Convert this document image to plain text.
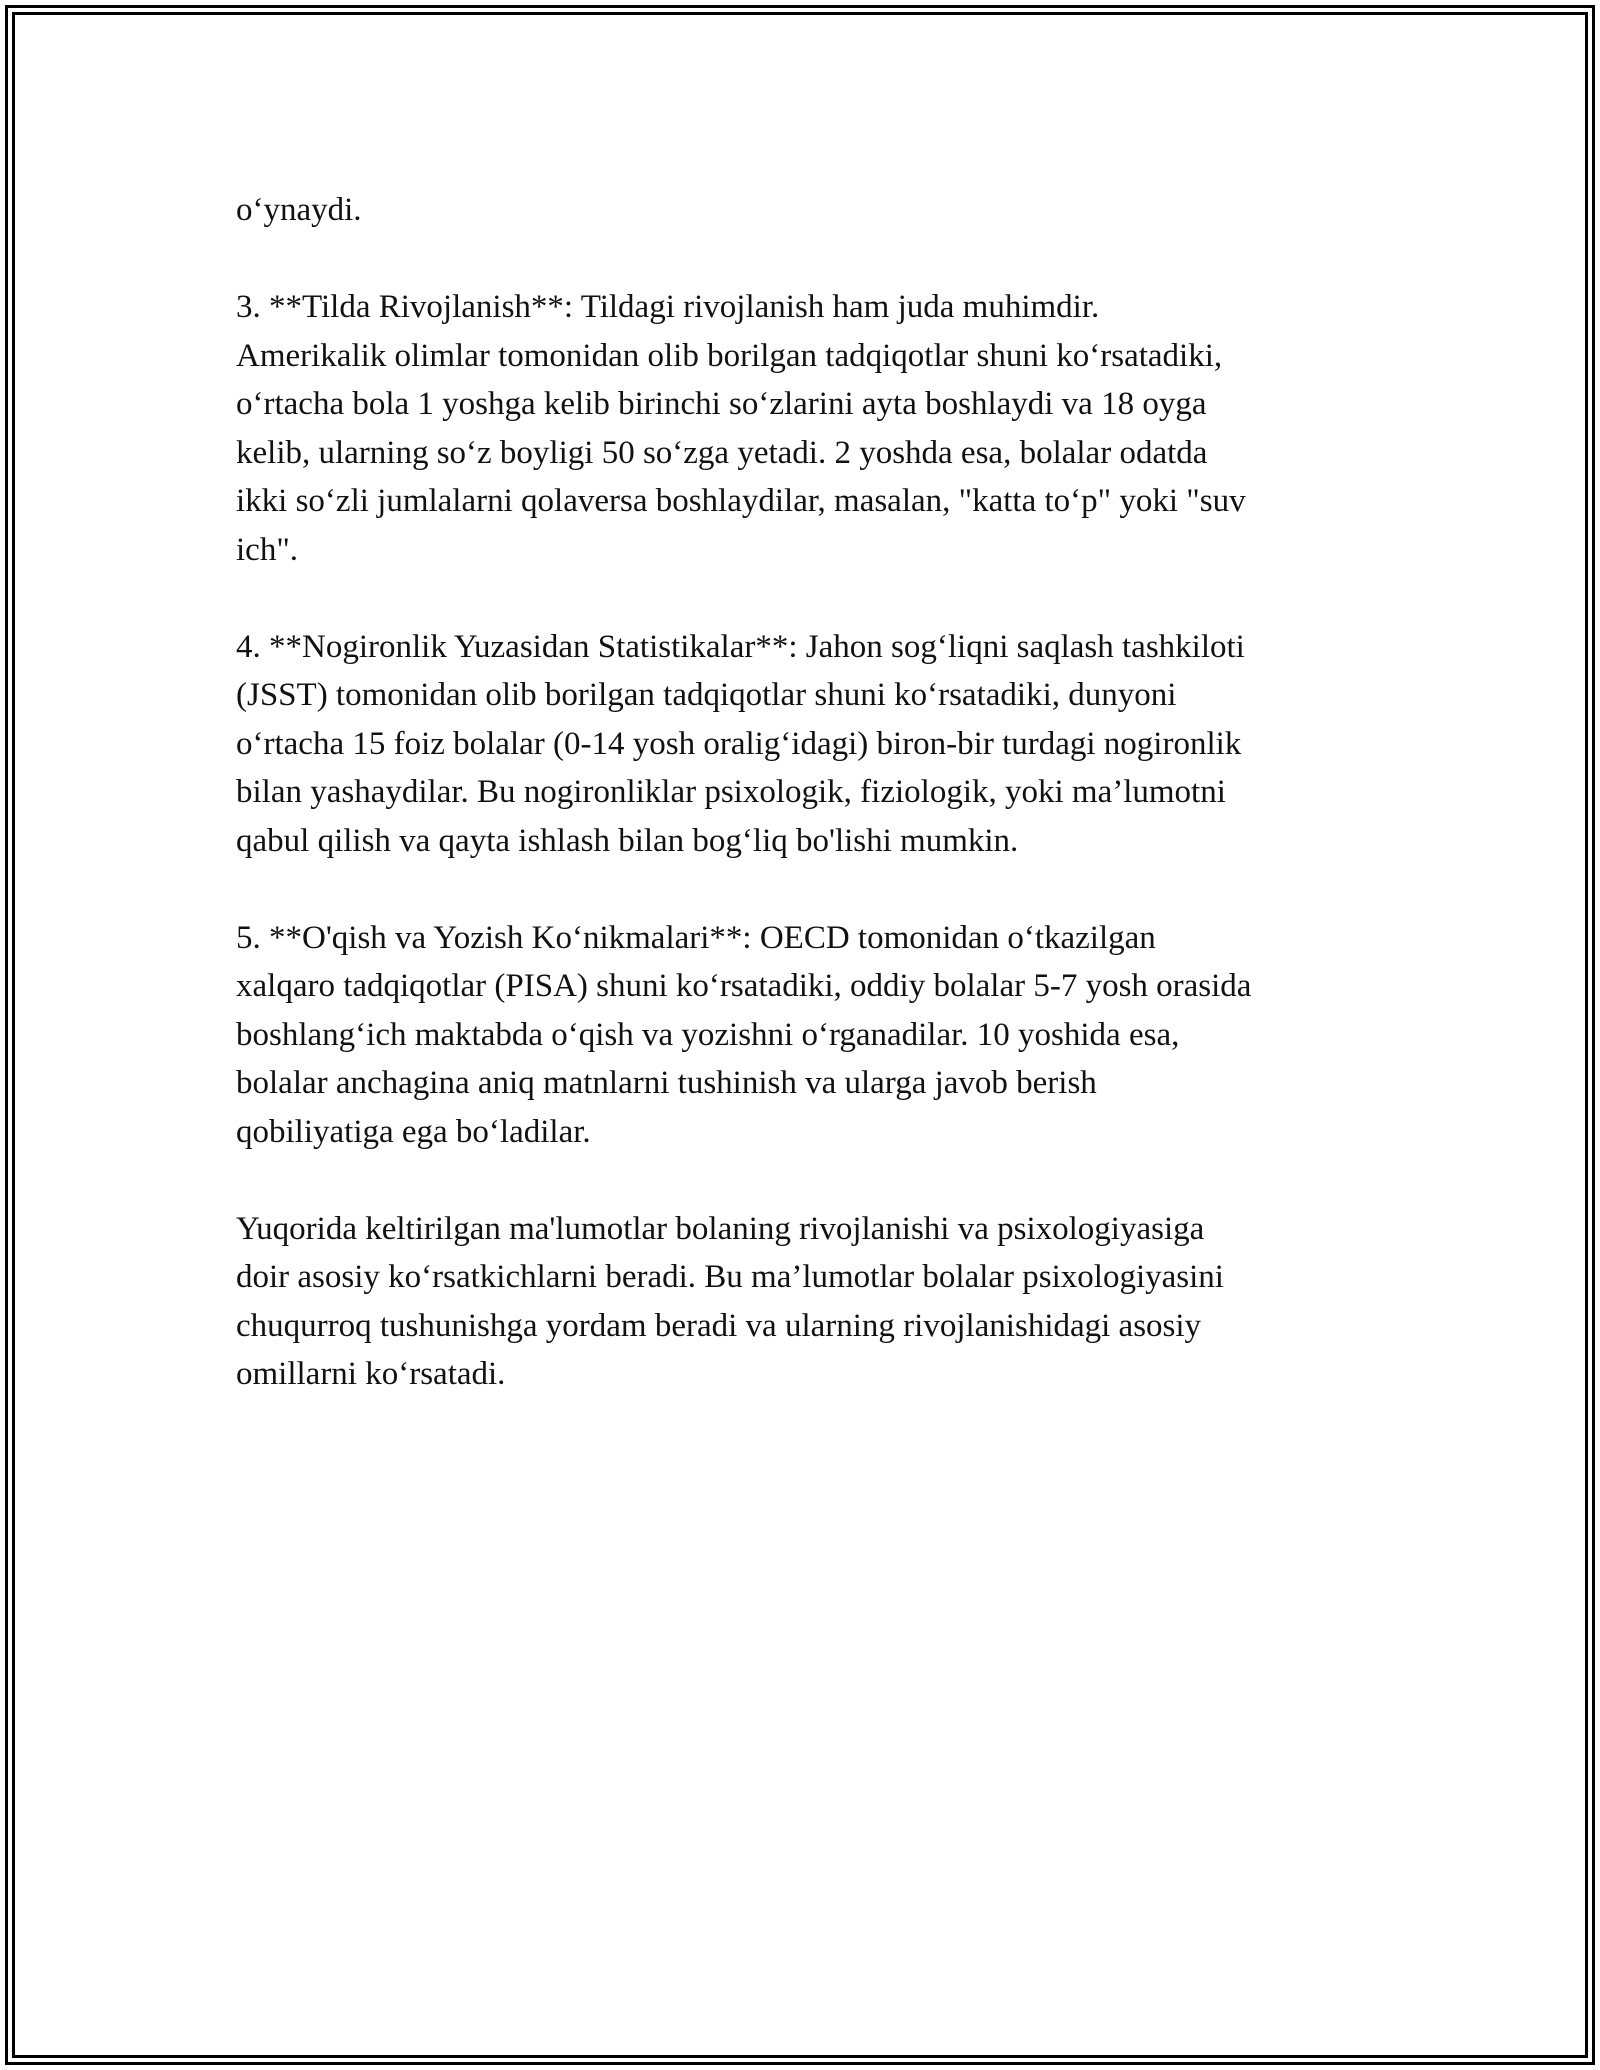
o‘ynaydi.

3. **Tilda Rivojlanish**: Tildagi rivojlanish ham juda muhimdir.
Amerikalik olimlar tomonidan olib borilgan tadqiqotlar shuni ko‘rsatadiki,
o‘rtacha bola 1 yoshga kelib birinchi so‘zlarini ayta boshlaydi va 18 oyga
kelib, ularning so‘z boyligi 50 so‘zga yetadi. 2 yoshda esa, bolalar odatda
ikki so‘zli jumlalarni qolaversa boshlaydilar, masalan, "katta to‘p" yoki "suv
ich".

4. **Nogironlik Yuzasidan Statistikalar**: Jahon sog‘liqni saqlash tashkiloti
(JSST) tomonidan olib borilgan tadqiqotlar shuni ko‘rsatadiki, dunyoni
o‘rtacha 15 foiz bolalar (0-14 yosh oralig‘idagi) biron-bir turdagi nogironlik
bilan yashaydilar. Bu nogironliklar psixologik, fiziologik, yoki ma’lumotni
qabul qilish va qayta ishlash bilan bog‘liq bo'lishi mumkin.

5. **O'qish va Yozish Ko‘nikmalari**: OECD tomonidan o‘tkazilgan
xalqaro tadqiqotlar (PISA) shuni ko‘rsatadiki, oddiy bolalar 5-7 yosh orasida
boshlang‘ich maktabda o‘qish va yozishni o‘rganadilar. 10 yoshida esa,
bolalar anchagina aniq matnlarni tushinish va ularga javob berish
qobiliyatiga ega bo‘ladilar.

Yuqorida keltirilgan ma'lumotlar bolaning rivojlanishi va psixologiyasiga
doir asosiy ko‘rsatkichlarni beradi. Bu ma’lumotlar bolalar psixologiyasini
chuqurroq tushunishga yordam beradi va ularning rivojlanishidagi asosiy
omillarni ko‘rsatadi.
